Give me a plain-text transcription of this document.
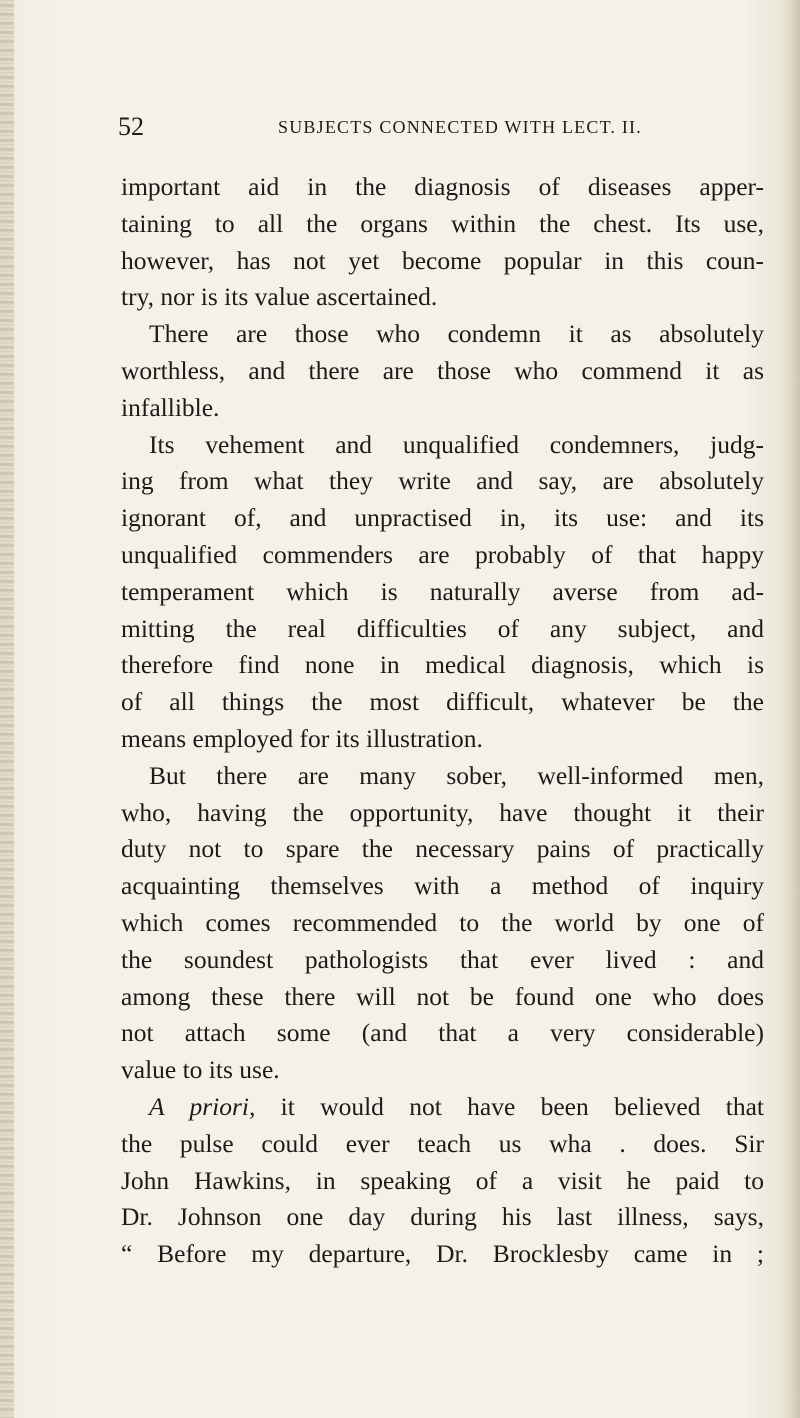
52	SUBJECTS CONNECTED WITH LECT. II.
important aid in the diagnosis of diseases apper-
taining to all the organs within the chest. Its use,
however, has not yet become popular in this coun-
try, nor is its value ascertained.
There are those who condemn it as absolutely
worthless, and there are those who commend it as
infallible.
Its vehement and unqualified condemners, judg-
ing from what they write and say, are absolutely
ignorant of, and unpractised in, its use: and its
unqualified commenders are probably of that happy
temperament which is naturally averse from ad-
mitting the real difficulties of any subject, and
therefore find none in medical diagnosis, which is
of all things the most difficult, whatever be the
means employed for its illustration.
But there are many sober, well-informed men,
who, having the opportunity, have thought it their
duty not to spare the necessary pains of practically
acquainting themselves with a method of inquiry
which comes recommended to the world by one of
the soundest pathologists that ever lived : and
among these there will not be found one who does
not attach some (and that a very considerable)
value to its use.
A priori, it would not have been believed that
the pulse could ever teach us wha . does. Sir
John Hawkins, in speaking of a visit he paid to
Dr. Johnson one day during his last illness, says,
“ Before my departure, Dr. Brocklesby came in ;
